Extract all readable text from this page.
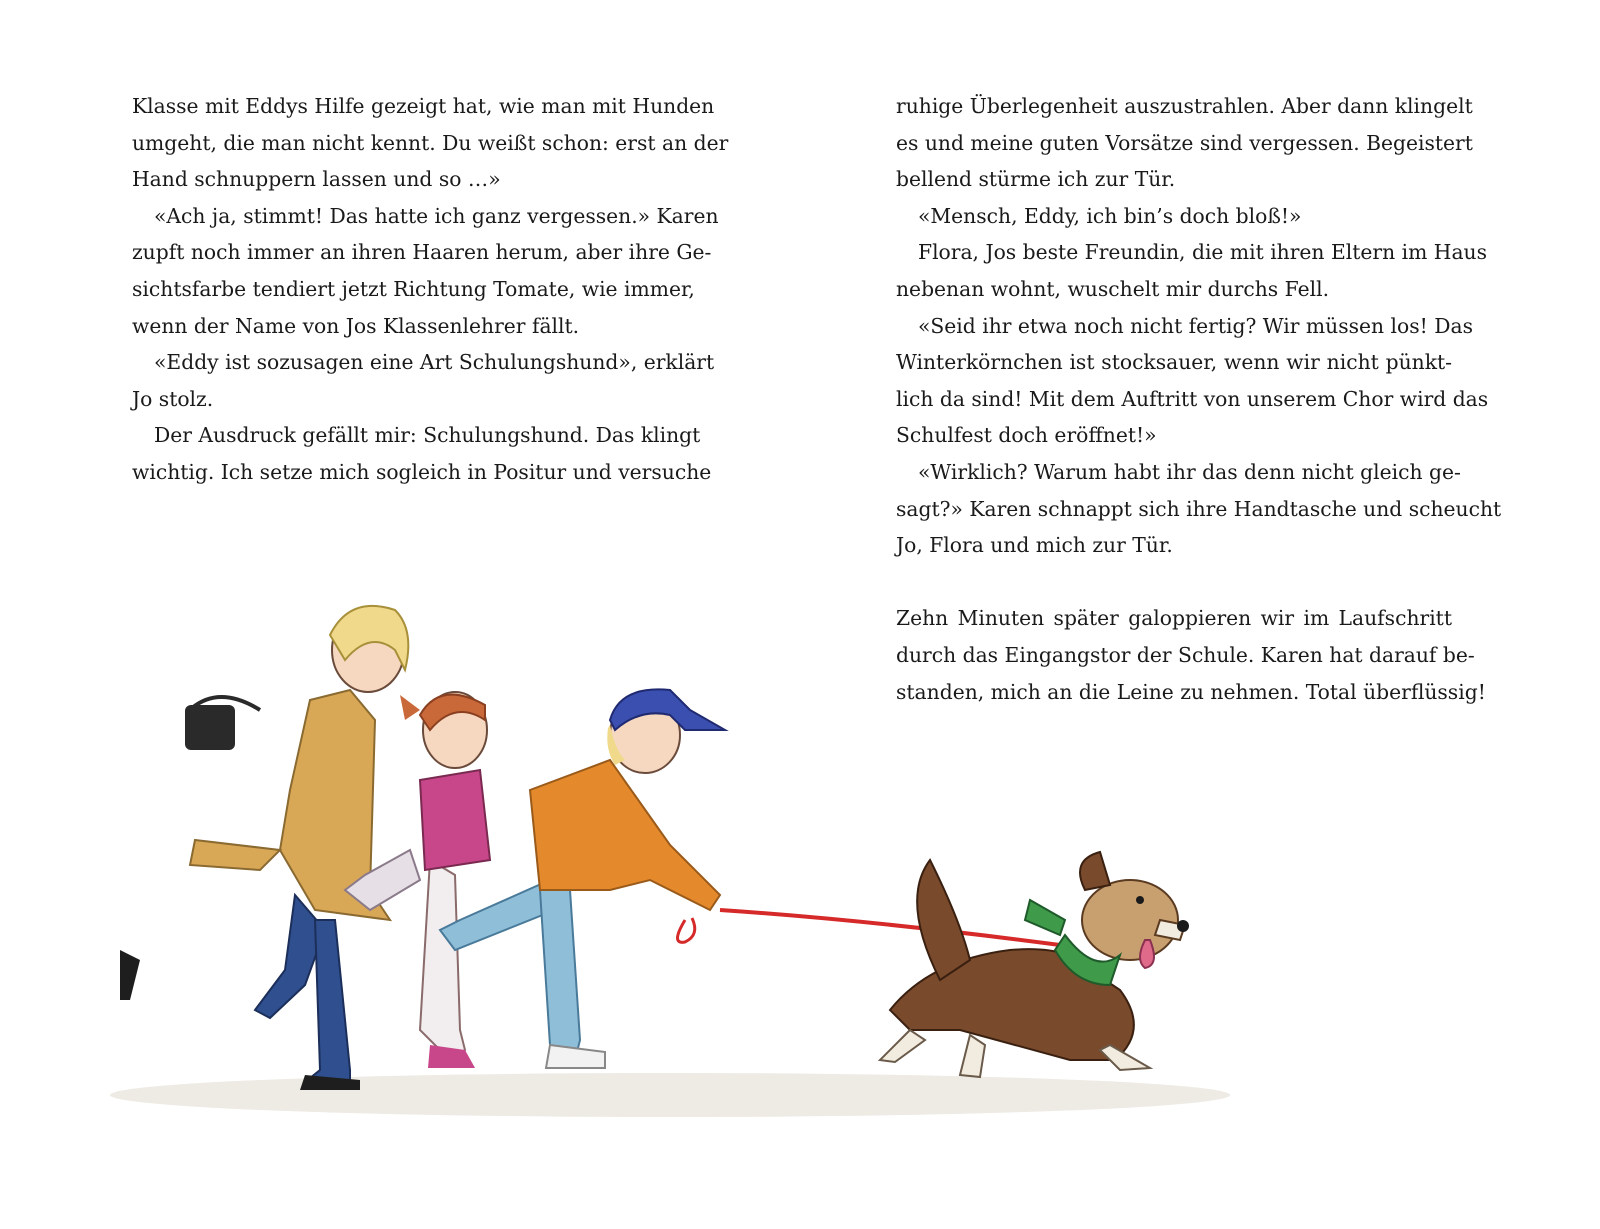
Klasse mit Eddys Hilfe gezeigt hat, wie man mit Hunden
umgeht, die man nicht kennt. Du weißt schon: erst an der
Hand schnuppern lassen und so …»
«Ach ja, stimmt! Das hatte ich ganz vergessen.» Karen
zupft noch immer an ihren Haaren herum, aber ihre Ge-
sichtsfarbe tendiert jetzt Richtung Tomate, wie immer,
wenn der Name von Jos Klassenlehrer fällt.
«Eddy ist sozusagen eine Art Schulungshund», erklärt
Jo stolz.
Der Ausdruck gefällt mir: Schulungshund. Das klingt
wichtig. Ich setze mich sogleich in Positur und versuche
ruhige Überlegenheit auszustrahlen. Aber dann klingelt
es und meine guten Vorsätze sind vergessen. Begeistert
bellend stürme ich zur Tür.
«Mensch, Eddy, ich bin’s doch bloß!»
Flora, Jos beste Freundin, die mit ihren Eltern im Haus
nebenan wohnt, wuschelt mir durchs Fell.
«Seid ihr etwa noch nicht fertig? Wir müssen los! Das
Winterkörnchen ist stocksauer, wenn wir nicht pünkt-
lich da sind! Mit dem Auftritt von unserem Chor wird das
Schulfest doch eröffnet!»
«Wirklich? Warum habt ihr das denn nicht gleich ge-
sagt?» Karen schnappt sich ihre Handtasche und scheucht
Jo, Flora und mich zur Tür.
Zehn Minuten später galoppieren wir im Laufschritt
durch das Eingangstor der Schule. Karen hat darauf be-
standen, mich an die Leine zu nehmen. Total überflüssig!
